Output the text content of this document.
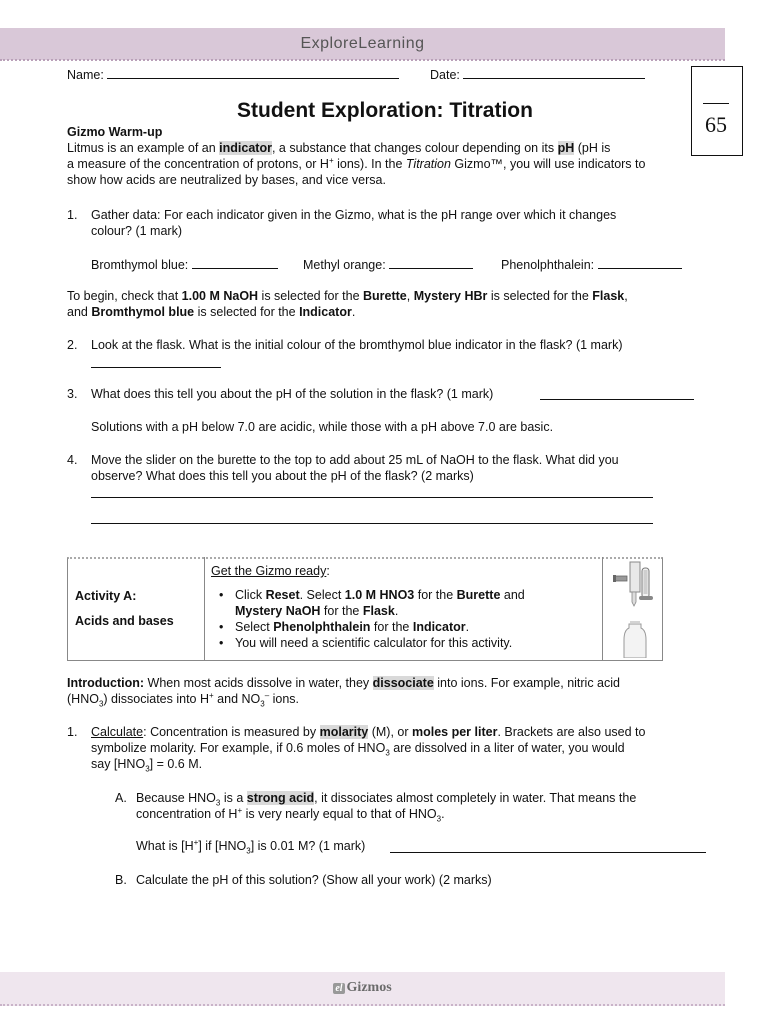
ExploreLearning
Name:	Date:
65
Student Exploration: Titration
Gizmo Warm-up
Litmus is an example of an indicator, a substance that changes colour depending on its pH (pH is
a measure of the concentration of protons, or H+ ions). In the Titration Gizmo™, you will use indicators to
show how acids are neutralized by bases, and vice versa.
1. Gather data: For each indicator given in the Gizmo, what is the pH range over which it changes
colour? (1 mark)
Bromthymol blue:	Methyl orange:	Phenolphthalein:
To begin, check that 1.00 M NaOH is selected for the Burette, Mystery HBr is selected for the Flask,
and Bromthymol blue is selected for the Indicator.
2. Look at the flask. What is the initial colour of the bromthymol blue indicator in the flask? (1 mark)
3. What does this tell you about the pH of the solution in the flask? (1 mark)
Solutions with a pH below 7.0 are acidic, while those with a pH above 7.0 are basic.
4. Move the slider on the burette to the top to add about 25 mL of NaOH to the flask. What did you
observe? What does this tell you about the pH of the flask? (2 marks)
Activity A:
Acids and bases
Get the Gizmo ready:
• Click Reset. Select 1.0 M HNO3 for the Burette and
Mystery NaOH for the Flask.
• Select Phenolphthalein for the Indicator.
• You will need a scientific calculator for this activity.
Introduction: When most acids dissolve in water, they dissociate into ions. For example, nitric acid
$(HNO_3)$ dissociates into H+ and $NO_3^-$ ions.
1. Calculate: Concentration is measured by molarity (M), or moles per liter. Brackets are also used to
symbolize molarity. For example, if 0.6 moles of $HNO_3$ are dissolved in a liter of water, you would
say $[HNO_3] = 0.6$ M.
A. Because $HNO_3$ is a strong acid, it dissociates almost completely in water. That means the
concentration of H+ is very nearly equal to that of $HNO_3$.
What is [H+] if $[HNO_3]$ is 0.01 M? (1 mark)
B. Calculate the pH of this solution? (Show all your work) (2 marks)
el Gizmos
